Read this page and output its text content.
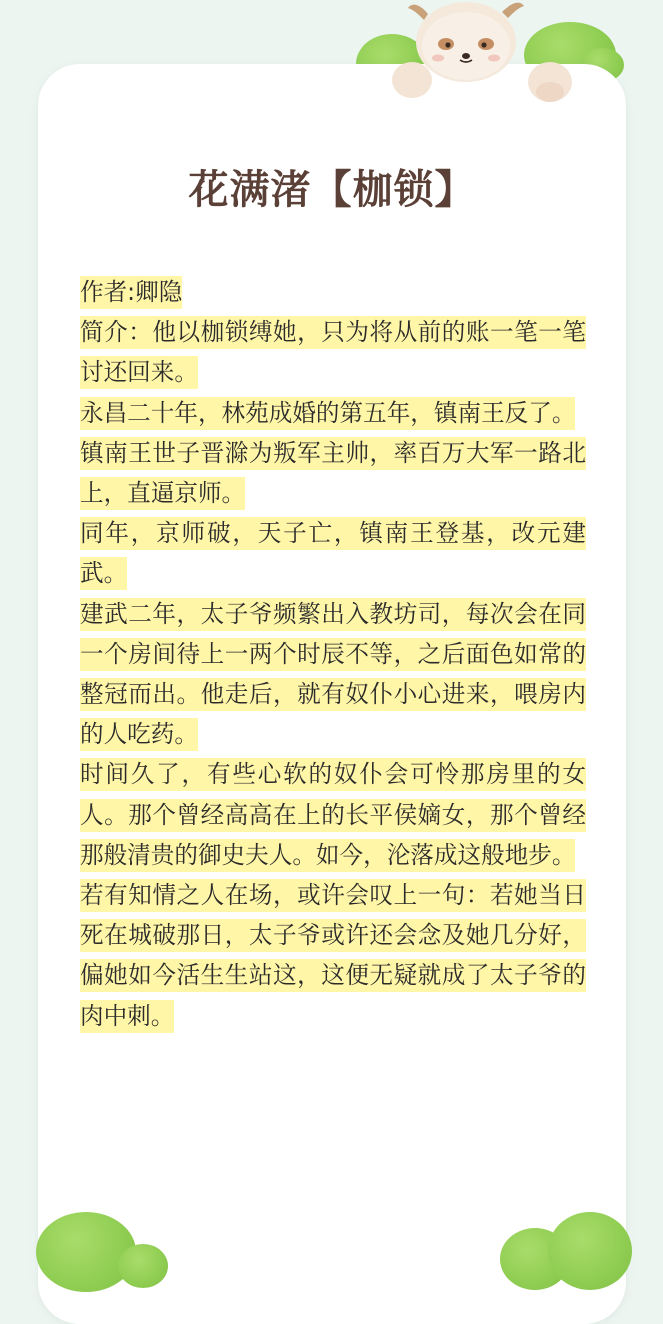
花满渚【枷锁】

作者:卿隐

简介：他以枷锁缚她，只为将从前的账一笔一笔讨还回来。

永昌二十年，林苑成婚的第五年，镇南王反了。

镇南王世子晋滁为叛军主帅，率百万大军一路北上，直逼京师。

同年，京师破，天子亡，镇南王登基，改元建武。

建武二年，太子爷频繁出入教坊司，每次会在同一个房间待上一两个时辰不等，之后面色如常的整冠而出。他走后，就有奴仆小心进来，喂房内的人吃药。

时间久了，有些心软的奴仆会可怜那房里的女人。那个曾经高高在上的长平侯嫡女，那个曾经那般清贵的御史夫人。如今，沦落成这般地步。

若有知情之人在场，或许会叹上一句：若她当日死在城破那日，太子爷或许还会念及她几分好，偏她如今活生生站这，这便无疑就成了太子爷的肉中刺。
